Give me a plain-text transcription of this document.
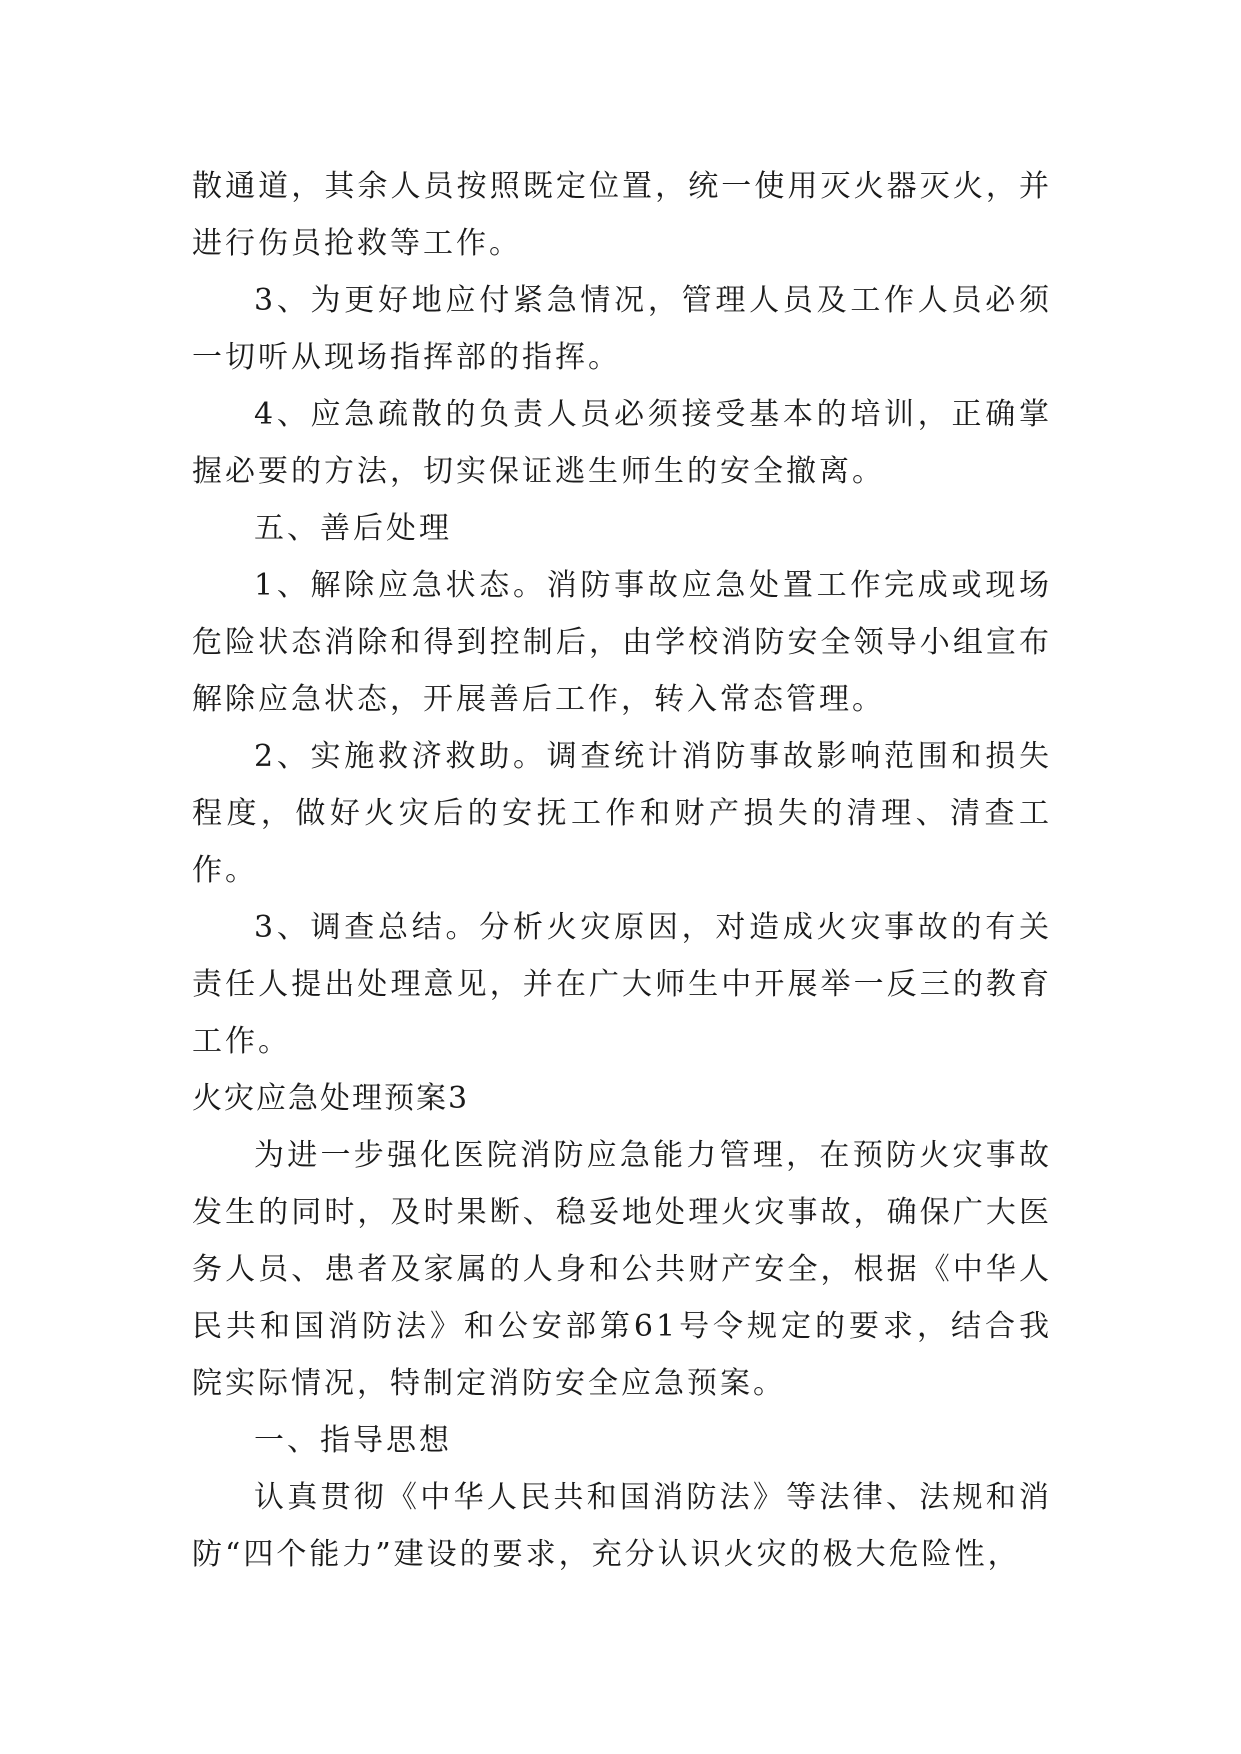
散通道，其余人员按照既定位置，统一使用灭火器灭火，并进行伤员抢救等工作。

3、为更好地应付紧急情况，管理人员及工作人员必须一切听从现场指挥部的指挥。

4、应急疏散的负责人员必须接受基本的培训，正确掌握必要的方法，切实保证逃生师生的安全撤离。

五、善后处理

1、解除应急状态。消防事故应急处置工作完成或现场危险状态消除和得到控制后，由学校消防安全领导小组宣布解除应急状态，开展善后工作，转入常态管理。

2、实施救济救助。调查统计消防事故影响范围和损失程度，做好火灾后的安抚工作和财产损失的清理、清查工作。

3、调查总结。分析火灾原因，对造成火灾事故的有关责任人提出处理意见，并在广大师生中开展举一反三的教育工作。

火灾应急处理预案3

为进一步强化医院消防应急能力管理，在预防火灾事故发生的同时，及时果断、稳妥地处理火灾事故，确保广大医务人员、患者及家属的人身和公共财产安全，根据《中华人民共和国消防法》和公安部第61号令规定的要求，结合我院实际情况，特制定消防安全应急预案。

一、指导思想

认真贯彻《中华人民共和国消防法》等法律、法规和消防“四个能力”建设的要求，充分认识火灾的极大危险性，
